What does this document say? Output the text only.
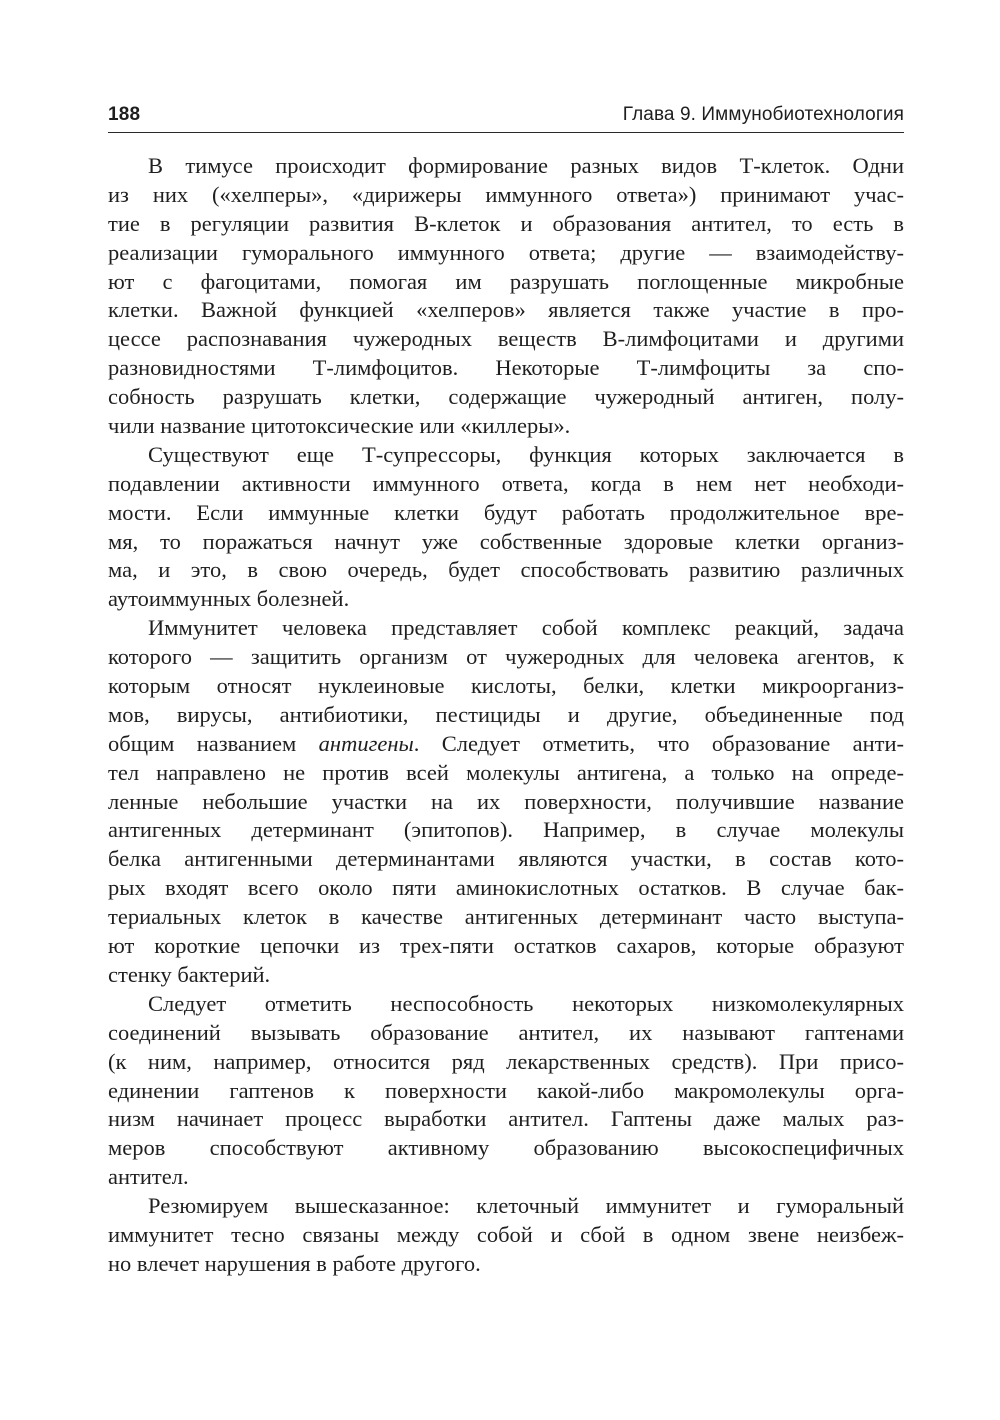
188	Глава 9. Иммунобиотехнология

В тимусе происходит формирование разных видов Т-клеток. Одни
из них («хелперы», «дирижеры иммунного ответа») принимают учас-
тие в регуляции развития В-клеток и образования антител, то есть в
реализации гуморального иммунного ответа; другие — взаимодейству-
ют с фагоцитами, помогая им разрушать поглощенные микробные
клетки. Важной функцией «хелперов» является также участие в про-
цессе распознавания чужеродных веществ В-лимфоцитами и другими
разновидностями Т-лимфоцитов. Некоторые Т-лимфоциты за спо-
собность разрушать клетки, содержащие чужеродный антиген, полу-
чили название цитотоксические или «киллеры».

Существуют еще Т-супрессоры, функция которых заключается в
подавлении активности иммунного ответа, когда в нем нет необходи-
мости. Если иммунные клетки будут работать продолжительное вре-
мя, то поражаться начнут уже собственные здоровые клетки организ-
ма, и это, в свою очередь, будет способствовать развитию различных
аутоиммунных болезней.

Иммунитет человека представляет собой комплекс реакций, задача
которого — защитить организм от чужеродных для человека агентов, к
которым относят нуклеиновые кислоты, белки, клетки микроорганиз-
мов, вирусы, антибиотики, пестициды и другие, объединенные под
общим названием антигены. Следует отметить, что образование анти-
тел направлено не против всей молекулы антигена, а только на опреде-
ленные небольшие участки на их поверхности, получившие название
антигенных детерминант (эпитопов). Например, в случае молекулы
белка антигенными детерминантами являются участки, в состав кото-
рых входят всего около пяти аминокислотных остатков. В случае бак-
териальных клеток в качестве антигенных детерминант часто выступа-
ют короткие цепочки из трех-пяти остатков сахаров, которые образуют
стенку бактерий.

Следует отметить неспособность некоторых низкомолекулярных
соединений вызывать образование антител, их называют гаптенами
(к ним, например, относится ряд лекарственных средств). При присо-
единении гаптенов к поверхности какой-либо макромолекулы орга-
низм начинает процесс выработки антител. Гаптены даже малых раз-
меров способствуют активному образованию высокоспецифичных
антител.

Резюмируем вышесказанное: клеточный иммунитет и гуморальный
иммунитет тесно связаны между собой и сбой в одном звене неизбеж-
но влечет нарушения в работе другого.
